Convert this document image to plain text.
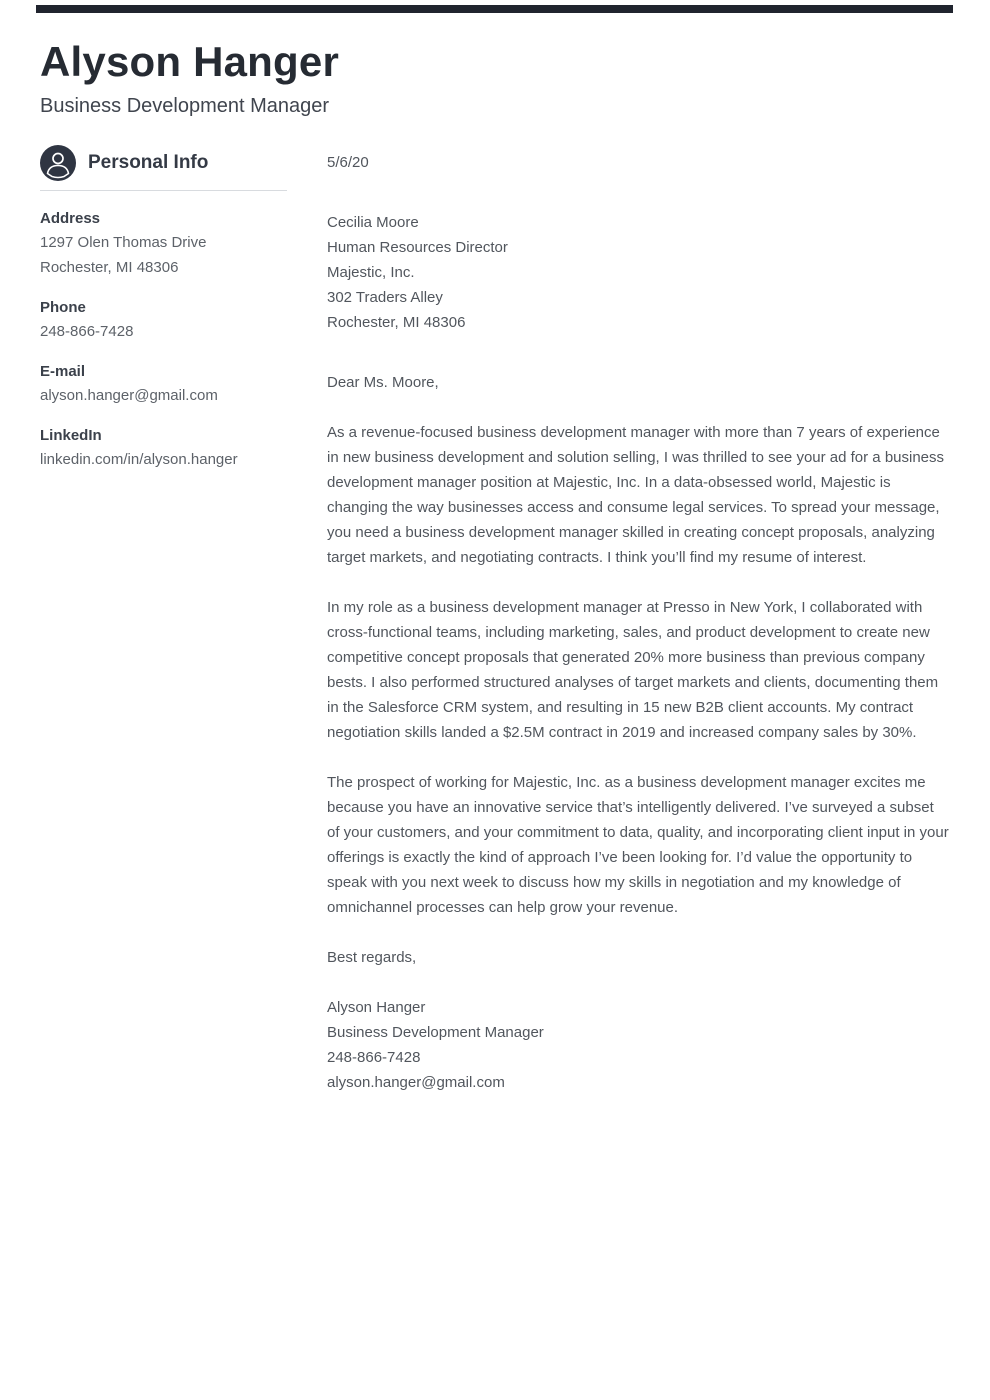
Alyson Hanger
Business Development Manager
Personal Info
Address
1297 Olen Thomas Drive
Rochester, MI 48306
Phone
248-866-7428
E-mail
alyson.hanger@gmail.com
LinkedIn
linkedin.com/in/alyson.hanger
5/6/20
Cecilia Moore
Human Resources Director
Majestic, Inc.
302 Traders Alley
Rochester, MI 48306
Dear Ms. Moore,
As a revenue-focused business development manager with more than 7 years of experience in new business development and solution selling, I was thrilled to see your ad for a business development manager position at Majestic, Inc. In a data-obsessed world, Majestic is changing the way businesses access and consume legal services. To spread your message, you need a business development manager skilled in creating concept proposals, analyzing target markets, and negotiating contracts. I think you’ll find my resume of interest.
In my role as a business development manager at Presso in New York, I collaborated with cross-functional teams, including marketing, sales, and product development to create new competitive concept proposals that generated 20% more business than previous company bests. I also performed structured analyses of target markets and clients, documenting them in the Salesforce CRM system, and resulting in 15 new B2B client accounts. My contract negotiation skills landed a $2.5M contract in 2019 and increased company sales by 30%.
The prospect of working for Majestic, Inc. as a business development manager excites me because you have an innovative service that’s intelligently delivered. I’ve surveyed a subset of your customers, and your commitment to data, quality, and incorporating client input in your offerings is exactly the kind of approach I’ve been looking for. I’d value the opportunity to speak with you next week to discuss how my skills in negotiation and my knowledge of omnichannel processes can help grow your revenue.
Best regards,
Alyson Hanger
Business Development Manager
248-866-7428
alyson.hanger@gmail.com
